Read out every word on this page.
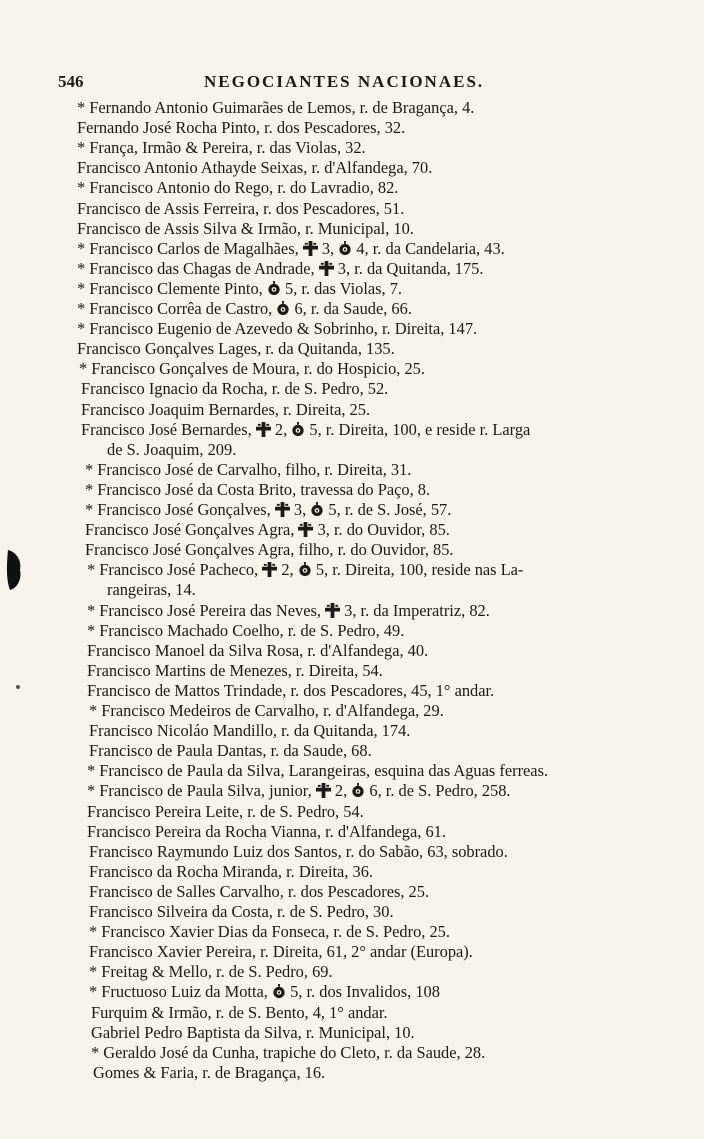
546	NEGOCIANTES NACIONAES.
* Fernando Antonio Guimarães de Lemos, r. de Bragança, 4.
Fernando José Rocha Pinto, r. dos Pescadores, 32.
* França, Irmão & Pereira, r. das Violas, 32.
Francisco Antonio Athayde Seixas, r. d'Alfandega, 70.
* Francisco Antonio do Rego, r. do Lavradio, 82.
Francisco de Assis Ferreira, r. dos Pescadores, 51.
Francisco de Assis Silva & Irmão, r. Municipal, 10.
* Francisco Carlos de Magalhães,  3,  4, r. da Candelaria, 43.
* Francisco das Chagas de Andrade,  3, r. da Quitanda, 175.
* Francisco Clemente Pinto,  5, r. das Violas, 7.
* Francisco Corrêa de Castro,  6, r. da Saude, 66.
* Francisco Eugenio de Azevedo & Sobrinho, r. Direita, 147.
Francisco Gonçalves Lages, r. da Quitanda, 135.
* Francisco Gonçalves de Moura, r. do Hospicio, 25.
Francisco Ignacio da Rocha, r. de S. Pedro, 52.
Francisco Joaquim Bernardes, r. Direita, 25.
Francisco José Bernardes,  2,  5, r. Direita, 100, e reside r. Larga
de S. Joaquim, 209.
* Francisco José de Carvalho, filho, r. Direita, 31.
* Francisco José da Costa Brito, travessa do Paço, 8.
* Francisco José Gonçalves,  3,  5, r. de S. José, 57.
Francisco José Gonçalves Agra,  3, r. do Ouvidor, 85.
Francisco José Gonçalves Agra, filho, r. do Ouvidor, 85.
* Francisco José Pacheco,  2,  5, r. Direita, 100, reside nas La-
rangeiras, 14.
* Francisco José Pereira das Neves,  3, r. da Imperatriz, 82.
* Francisco Machado Coelho, r. de S. Pedro, 49.
Francisco Manoel da Silva Rosa, r. d'Alfandega, 40.
Francisco Martins de Menezes, r. Direita, 54.
Francisco de Mattos Trindade, r. dos Pescadores, 45, 1° andar.
* Francisco Medeiros de Carvalho, r. d'Alfandega, 29.
Francisco Nicoláo Mandillo, r. da Quitanda, 174.
Francisco de Paula Dantas, r. da Saude, 68.
* Francisco de Paula da Silva, Larangeiras, esquina das Aguas ferreas.
* Francisco de Paula Silva, junior,  2,  6, r. de S. Pedro, 258.
Francisco Pereira Leite, r. de S. Pedro, 54.
Francisco Pereira da Rocha Vianna, r. d'Alfandega, 61.
Francisco Raymundo Luiz dos Santos, r. do Sabão, 63, sobrado.
Francisco da Rocha Miranda, r. Direita, 36.
Francisco de Salles Carvalho, r. dos Pescadores, 25.
Francisco Silveira da Costa, r. de S. Pedro, 30.
* Francisco Xavier Dias da Fonseca, r. de S. Pedro, 25.
Francisco Xavier Pereira, r. Direita, 61, 2° andar (Europa).
* Freitag & Mello, r. de S. Pedro, 69.
* Fructuoso Luiz da Motta,  5, r. dos Invalidos, 108
Furquim & Irmão, r. de S. Bento, 4, 1° andar.
Gabriel Pedro Baptista da Silva, r. Municipal, 10.
* Geraldo José da Cunha, trapiche do Cleto, r. da Saude, 28.
Gomes & Faria, r. de Bragança, 16.
